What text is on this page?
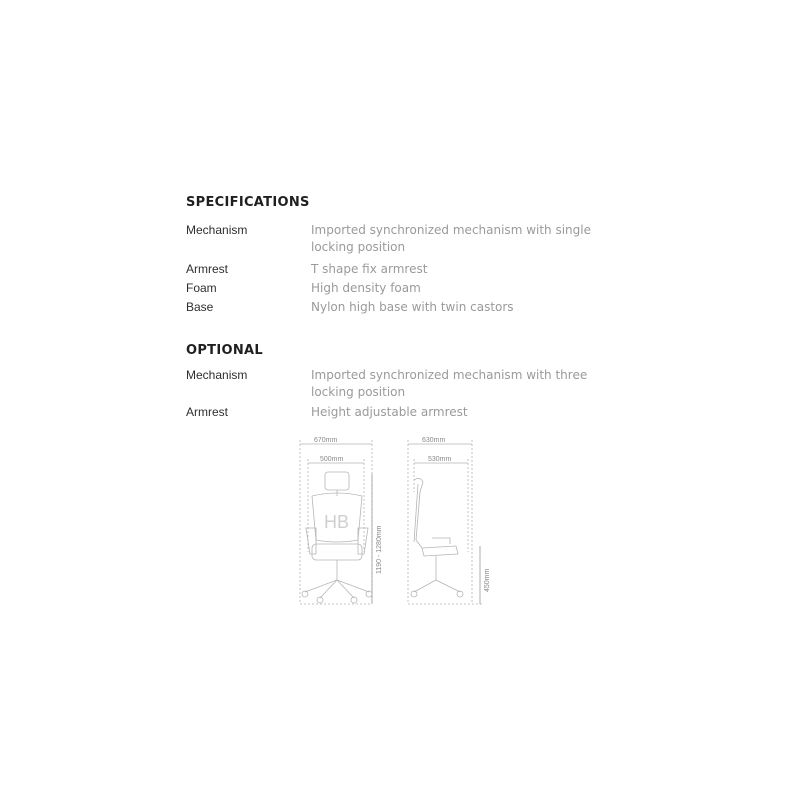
SPECIFICATIONS
Mechanism	Imported synchronized mechanism with single locking position
Armrest	T shape fix armrest
Foam	High density foam
Base	Nylon high base with twin castors
OPTIONAL
Mechanism	Imported synchronized mechanism with three locking position
Armrest	Height adjustable armrest
670mm
500mm
1190 - 1280mm
HB
630mm
530mm
450mm
